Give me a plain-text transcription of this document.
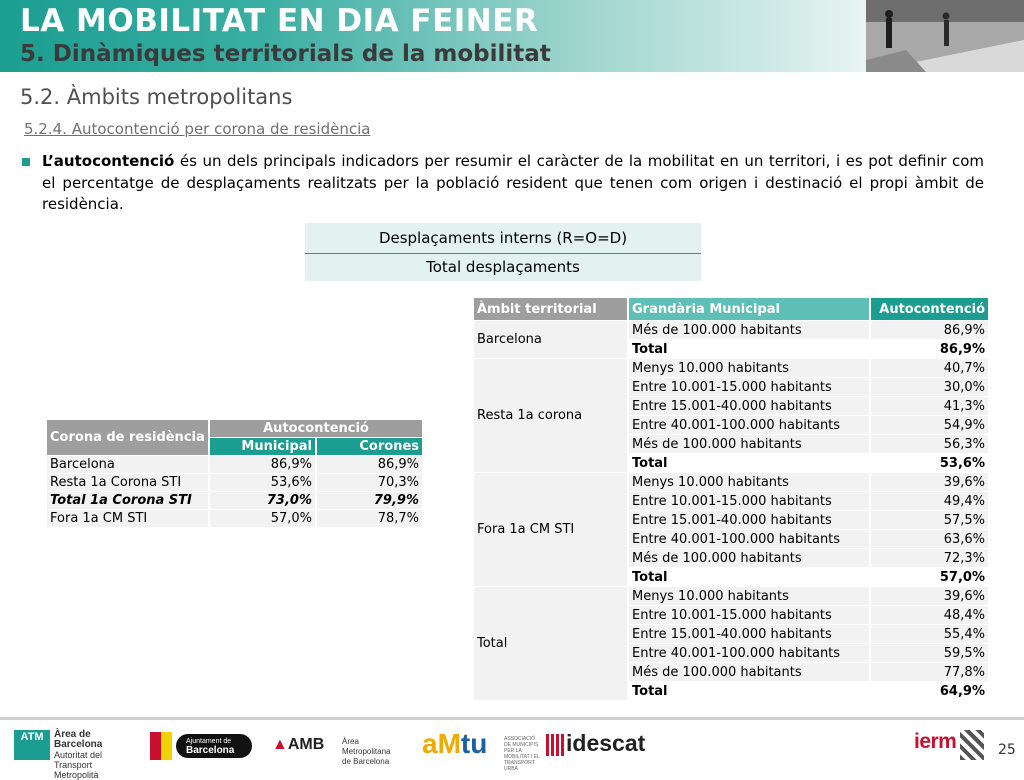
LA MOBILITAT EN DIA FEINER
5. Dinàmiques territorials de la mobilitat
5.2. Àmbits metropolitans
5.2.4. Autocontenció per corona de residència
L’autocontenció és un dels principals indicadors per resumir el caràcter de la mobilitat en un territori, i es pot definir com el percentatge de desplaçaments realitzats per la població resident que tenen com origen i destinació el propi àmbit de residència.
Desplaçaments interns (R=O=D)
Total desplaçaments
Corona de residència	Autocontenció	
	Municipal	Corones
Barcelona	86,9%	86,9%
Resta 1a Corona STI	53,6%	70,3%
Total 1a Corona STI	73,0%	79,9%
Fora 1a CM STI	57,0%	78,7%
Àmbit territorial	Grandària Municipal	Autocontenció
Barcelona	Més de 100.000 habitants	86,9%
	Total	86,9%
Resta 1a corona	Menys 10.000 habitants	40,7%
	Entre 10.001-15.000 habitants	30,0%
	Entre 15.001-40.000 habitants	41,3%
	Entre 40.001-100.000 habitants	54,9%
	Més de 100.000 habitants	56,3%
	Total	53,6%
Fora 1a CM STI	Menys 10.000 habitants	39,6%
	Entre 10.001-15.000 habitants	49,4%
	Entre 15.001-40.000 habitants	57,5%
	Entre 40.001-100.000 habitants	63,6%
	Més de 100.000 habitants	72,3%
	Total	57,0%
Total	Menys 10.000 habitants	39,6%
	Entre 10.001-15.000 habitants	48,4%
	Entre 15.001-40.000 habitants	55,4%
	Entre 40.001-100.000 habitants	59,5%
	Més de 100.000 habitants	77,8%
	Total	64,9%
ATM	Àrea de Barcelona
Autoritat del Transport
Metropolità
Ajuntament de
Barcelona	▲AMB Àrea Metropolitana
de Barcelona
aMtu	ASSOCIACIÓ DE MUNICIPIS PER LA MOBILITAT I EL TRANSPORT URBÀ
idescat	ierm	25
